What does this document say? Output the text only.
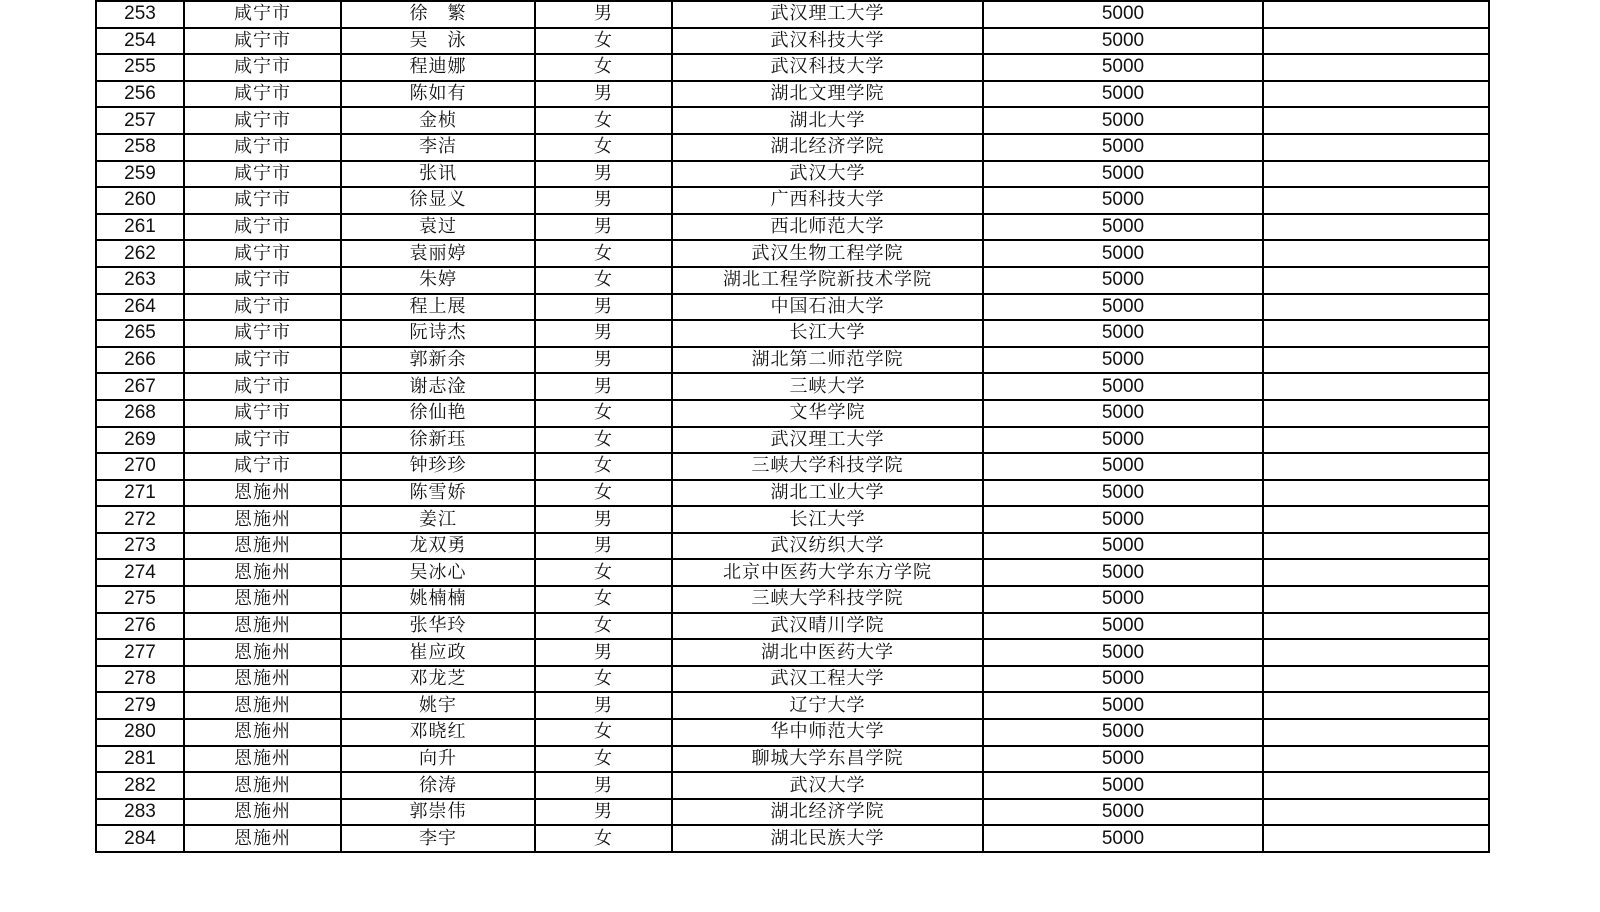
253	咸宁市	徐　繁	男	武汉理工大学	5000	
254	咸宁市	吴　泳	女	武汉科技大学	5000	
255	咸宁市	程迪娜	女	武汉科技大学	5000	
256	咸宁市	陈如有	男	湖北文理学院	5000	
257	咸宁市	金桢	女	湖北大学	5000	
258	咸宁市	李洁	女	湖北经济学院	5000	
259	咸宁市	张讯	男	武汉大学	5000	
260	咸宁市	徐显义	男	广西科技大学	5000	
261	咸宁市	袁过	男	西北师范大学	5000	
262	咸宁市	袁丽婷	女	武汉生物工程学院	5000	
263	咸宁市	朱婷	女	湖北工程学院新技术学院	5000	
264	咸宁市	程上展	男	中国石油大学	5000	
265	咸宁市	阮诗杰	男	长江大学	5000	
266	咸宁市	郭新余	男	湖北第二师范学院	5000	
267	咸宁市	谢志淦	男	三峡大学	5000	
268	咸宁市	徐仙艳	女	文华学院	5000	
269	咸宁市	徐新珏	女	武汉理工大学	5000	
270	咸宁市	钟珍珍	女	三峡大学科技学院	5000	
271	恩施州	陈雪娇	女	湖北工业大学	5000	
272	恩施州	姜江	男	长江大学	5000	
273	恩施州	龙双勇	男	武汉纺织大学	5000	
274	恩施州	吴冰心	女	北京中医药大学东方学院	5000	
275	恩施州	姚楠楠	女	三峡大学科技学院	5000	
276	恩施州	张华玲	女	武汉晴川学院	5000	
277	恩施州	崔应政	男	湖北中医药大学	5000	
278	恩施州	邓龙芝	女	武汉工程大学	5000	
279	恩施州	姚宇	男	辽宁大学	5000	
280	恩施州	邓晓红	女	华中师范大学	5000	
281	恩施州	向升	女	聊城大学东昌学院	5000	
282	恩施州	徐涛	男	武汉大学	5000	
283	恩施州	郭崇伟	男	湖北经济学院	5000	
284	恩施州	李宇	女	湖北民族大学	5000	
